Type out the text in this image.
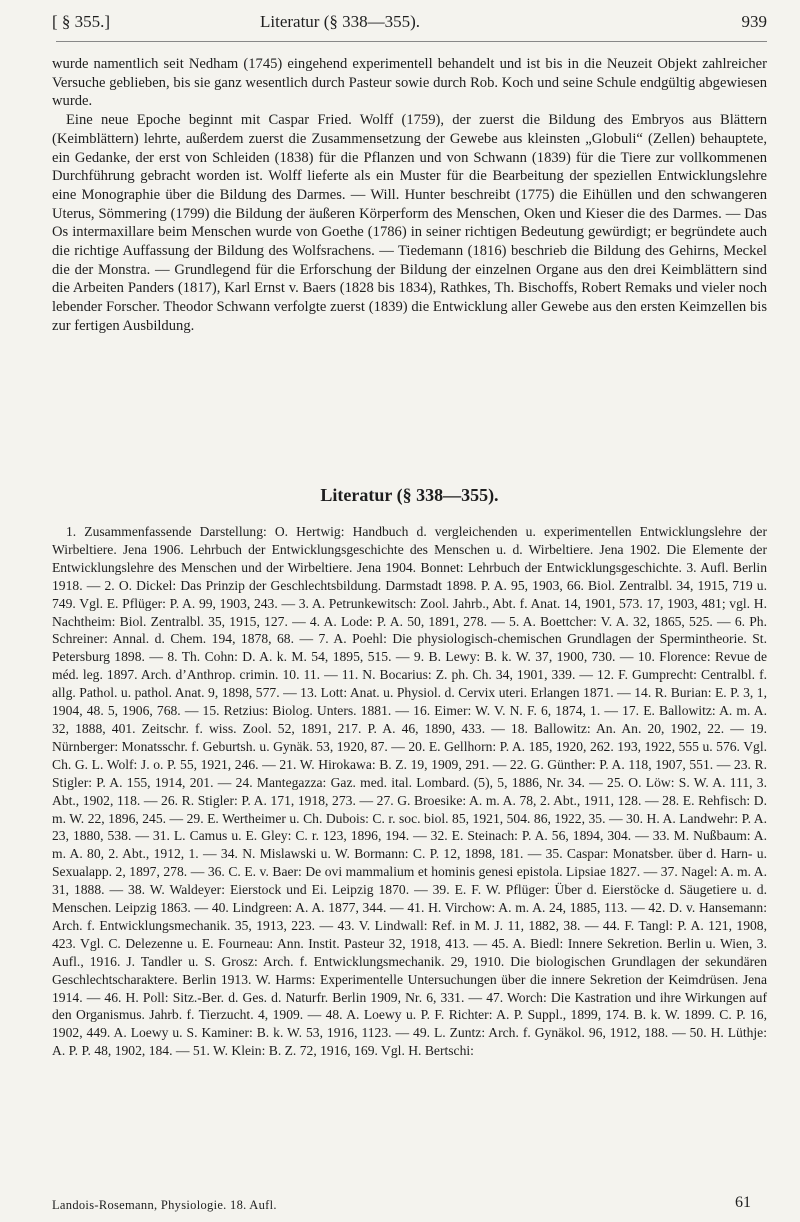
[ § 355.]	Literatur (§ 338—355).	939

wurde namentlich seit Nedham (1745) eingehend experimentell behandelt und ist bis in die Neuzeit Objekt zahlreicher Versuche geblieben, bis sie ganz wesentlich durch Pasteur sowie durch Rob. Koch und seine Schule endgültig abgewiesen wurde.

Eine neue Epoche beginnt mit Caspar Fried. Wolff (1759), der zuerst die Bildung des Embryos aus Blättern (Keimblättern) lehrte, außerdem zuerst die Zusammensetzung der Gewebe aus kleinsten „Globuli“ (Zellen) behauptete, ein Gedanke, der erst von Schleiden (1838) für die Pflanzen und von Schwann (1839) für die Tiere zur vollkommenen Durchführung gebracht worden ist. Wolff lieferte als ein Muster für die Bearbeitung der speziellen Entwicklungslehre eine Monographie über die Bildung des Darmes. — Will. Hunter beschreibt (1775) die Eihüllen und den schwangeren Uterus, Sömmering (1799) die Bildung der äußeren Körperform des Menschen, Oken und Kieser die des Darmes. — Das Os intermaxillare beim Menschen wurde von Goethe (1786) in seiner richtigen Bedeutung gewürdigt; er begründete auch die richtige Auffassung der Bildung des Wolfsrachens. — Tiedemann (1816) beschrieb die Bildung des Gehirns, Meckel die der Monstra. — Grundlegend für die Erforschung der Bildung der einzelnen Organe aus den drei Keimblättern sind die Arbeiten Panders (1817), Karl Ernst v. Baers (1828 bis 1834), Rathkes, Th. Bischoffs, Robert Remaks und vieler noch lebender Forscher. Theodor Schwann verfolgte zuerst (1839) die Entwicklung aller Gewebe aus den ersten Keimzellen bis zur fertigen Ausbildung.

Literatur (§ 338—355).
1. Zusammenfassende Darstellung: O. Hertwig: Handbuch d. vergleichenden u. experimentellen Entwicklungslehre der Wirbeltiere. Jena 1906. Lehrbuch der Entwicklungsgeschichte des Menschen u. d. Wirbeltiere. Jena 1902. Die Elemente der Entwicklungslehre des Menschen und der Wirbeltiere. Jena 1904. Bonnet: Lehrbuch der Entwicklungsgeschichte. 3. Aufl. Berlin 1918. — 2. O. Dickel: Das Prinzip der Geschlechtsbildung. Darmstadt 1898. P. A. 95, 1903, 66. Biol. Zentralbl. 34, 1915, 719 u. 749. Vgl. E. Pflüger: P. A. 99, 1903, 243. — 3. A. Petrunkewitsch: Zool. Jahrb., Abt. f. Anat. 14, 1901, 573. 17, 1903, 481; vgl. H. Nachtheim: Biol. Zentralbl. 35, 1915, 127. — 4. A. Lode: P. A. 50, 1891, 278. — 5. A. Boettcher: V. A. 32, 1865, 525. — 6. Ph. Schreiner: Annal. d. Chem. 194, 1878, 68. — 7. A. Poehl: Die physiologisch-chemischen Grundlagen der Spermintheorie. St. Petersburg 1898. — 8. Th. Cohn: D. A. k. M. 54, 1895, 515. — 9. B. Lewy: B. k. W. 37, 1900, 730. — 10. Florence: Revue de méd. leg. 1897. Arch. d’Anthrop. crimin. 10. 11. — 11. N. Bocarius: Z. ph. Ch. 34, 1901, 339. — 12. F. Gumprecht: Centralbl. f. allg. Pathol. u. pathol. Anat. 9, 1898, 577. — 13. Lott: Anat. u. Physiol. d. Cervix uteri. Erlangen 1871. — 14. R. Burian: E. P. 3, 1, 1904, 48. 5, 1906, 768. — 15. Retzius: Biolog. Unters. 1881. — 16. Eimer: W. V. N. F. 6, 1874, 1. — 17. E. Ballowitz: A. m. A. 32, 1888, 401. Zeitschr. f. wiss. Zool. 52, 1891, 217. P. A. 46, 1890, 433. — 18. Ballowitz: An. An. 20, 1902, 22. — 19. Nürnberger: Monatsschr. f. Geburtsh. u. Gynäk. 53, 1920, 87. — 20. E. Gellhorn: P. A. 185, 1920, 262. 193, 1922, 555 u. 576. Vgl. Ch. G. L. Wolf: J. o. P. 55, 1921, 246. — 21. W. Hirokawa: B. Z. 19, 1909, 291. — 22. G. Günther: P. A. 118, 1907, 551. — 23. R. Stigler: P. A. 155, 1914, 201. — 24. Mantegazza: Gaz. med. ital. Lombard. (5), 5, 1886, Nr. 34. — 25. O. Löw: S. W. A. 111, 3. Abt., 1902, 118. — 26. R. Stigler: P. A. 171, 1918, 273. — 27. G. Broesike: A. m. A. 78, 2. Abt., 1911, 128. — 28. E. Rehfisch: D. m. W. 22, 1896, 245. — 29. E. Wertheimer u. Ch. Dubois: C. r. soc. biol. 85, 1921, 504. 86, 1922, 35. — 30. H. A. Landwehr: P. A. 23, 1880, 538. — 31. L. Camus u. E. Gley: C. r. 123, 1896, 194. — 32. E. Steinach: P. A. 56, 1894, 304. — 33. M. Nußbaum: A. m. A. 80, 2. Abt., 1912, 1. — 34. N. Mislawski u. W. Bormann: C. P. 12, 1898, 181. — 35. Caspar: Monatsber. über d. Harn- u. Sexualapp. 2, 1897, 278. — 36. C. E. v. Baer: De ovi mammalium et hominis genesi epistola. Lipsiae 1827. — 37. Nagel: A. m. A. 31, 1888. — 38. W. Waldeyer: Eierstock und Ei. Leipzig 1870. — 39. E. F. W. Pflüger: Über d. Eierstöcke d. Säugetiere u. d. Menschen. Leipzig 1863. — 40. Lindgreen: A. A. 1877, 344. — 41. H. Virchow: A. m. A. 24, 1885, 113. — 42. D. v. Hansemann: Arch. f. Entwicklungsmechanik. 35, 1913, 223. — 43. V. Lindwall: Ref. in M. J. 11, 1882, 38. — 44. F. Tangl: P. A. 121, 1908, 423. Vgl. C. Delezenne u. E. Fourneau: Ann. Instit. Pasteur 32, 1918, 413. — 45. A. Biedl: Innere Sekretion. Berlin u. Wien, 3. Aufl., 1916. J. Tandler u. S. Grosz: Arch. f. Entwicklungsmechanik. 29, 1910. Die biologischen Grundlagen der sekundären Geschlechtscharaktere. Berlin 1913. W. Harms: Experimentelle Untersuchungen über die innere Sekretion der Keimdrüsen. Jena 1914. — 46. H. Poll: Sitz.-Ber. d. Ges. d. Naturfr. Berlin 1909, Nr. 6, 331. — 47. Worch: Die Kastration und ihre Wirkungen auf den Organismus. Jahrb. f. Tierzucht. 4, 1909. — 48. A. Loewy u. P. F. Richter: A. P. Suppl., 1899, 174. B. k. W. 1899. C. P. 16, 1902, 449. A. Loewy u. S. Kaminer: B. k. W. 53, 1916, 1123. — 49. L. Zuntz: Arch. f. Gynäkol. 96, 1912, 188. — 50. H. Lüthje: A. P. P. 48, 1902, 184. — 51. W. Klein: B. Z. 72, 1916, 169. Vgl. H. Bertschi:
Landois-Rosemann, Physiologie. 18. Aufl.	61
